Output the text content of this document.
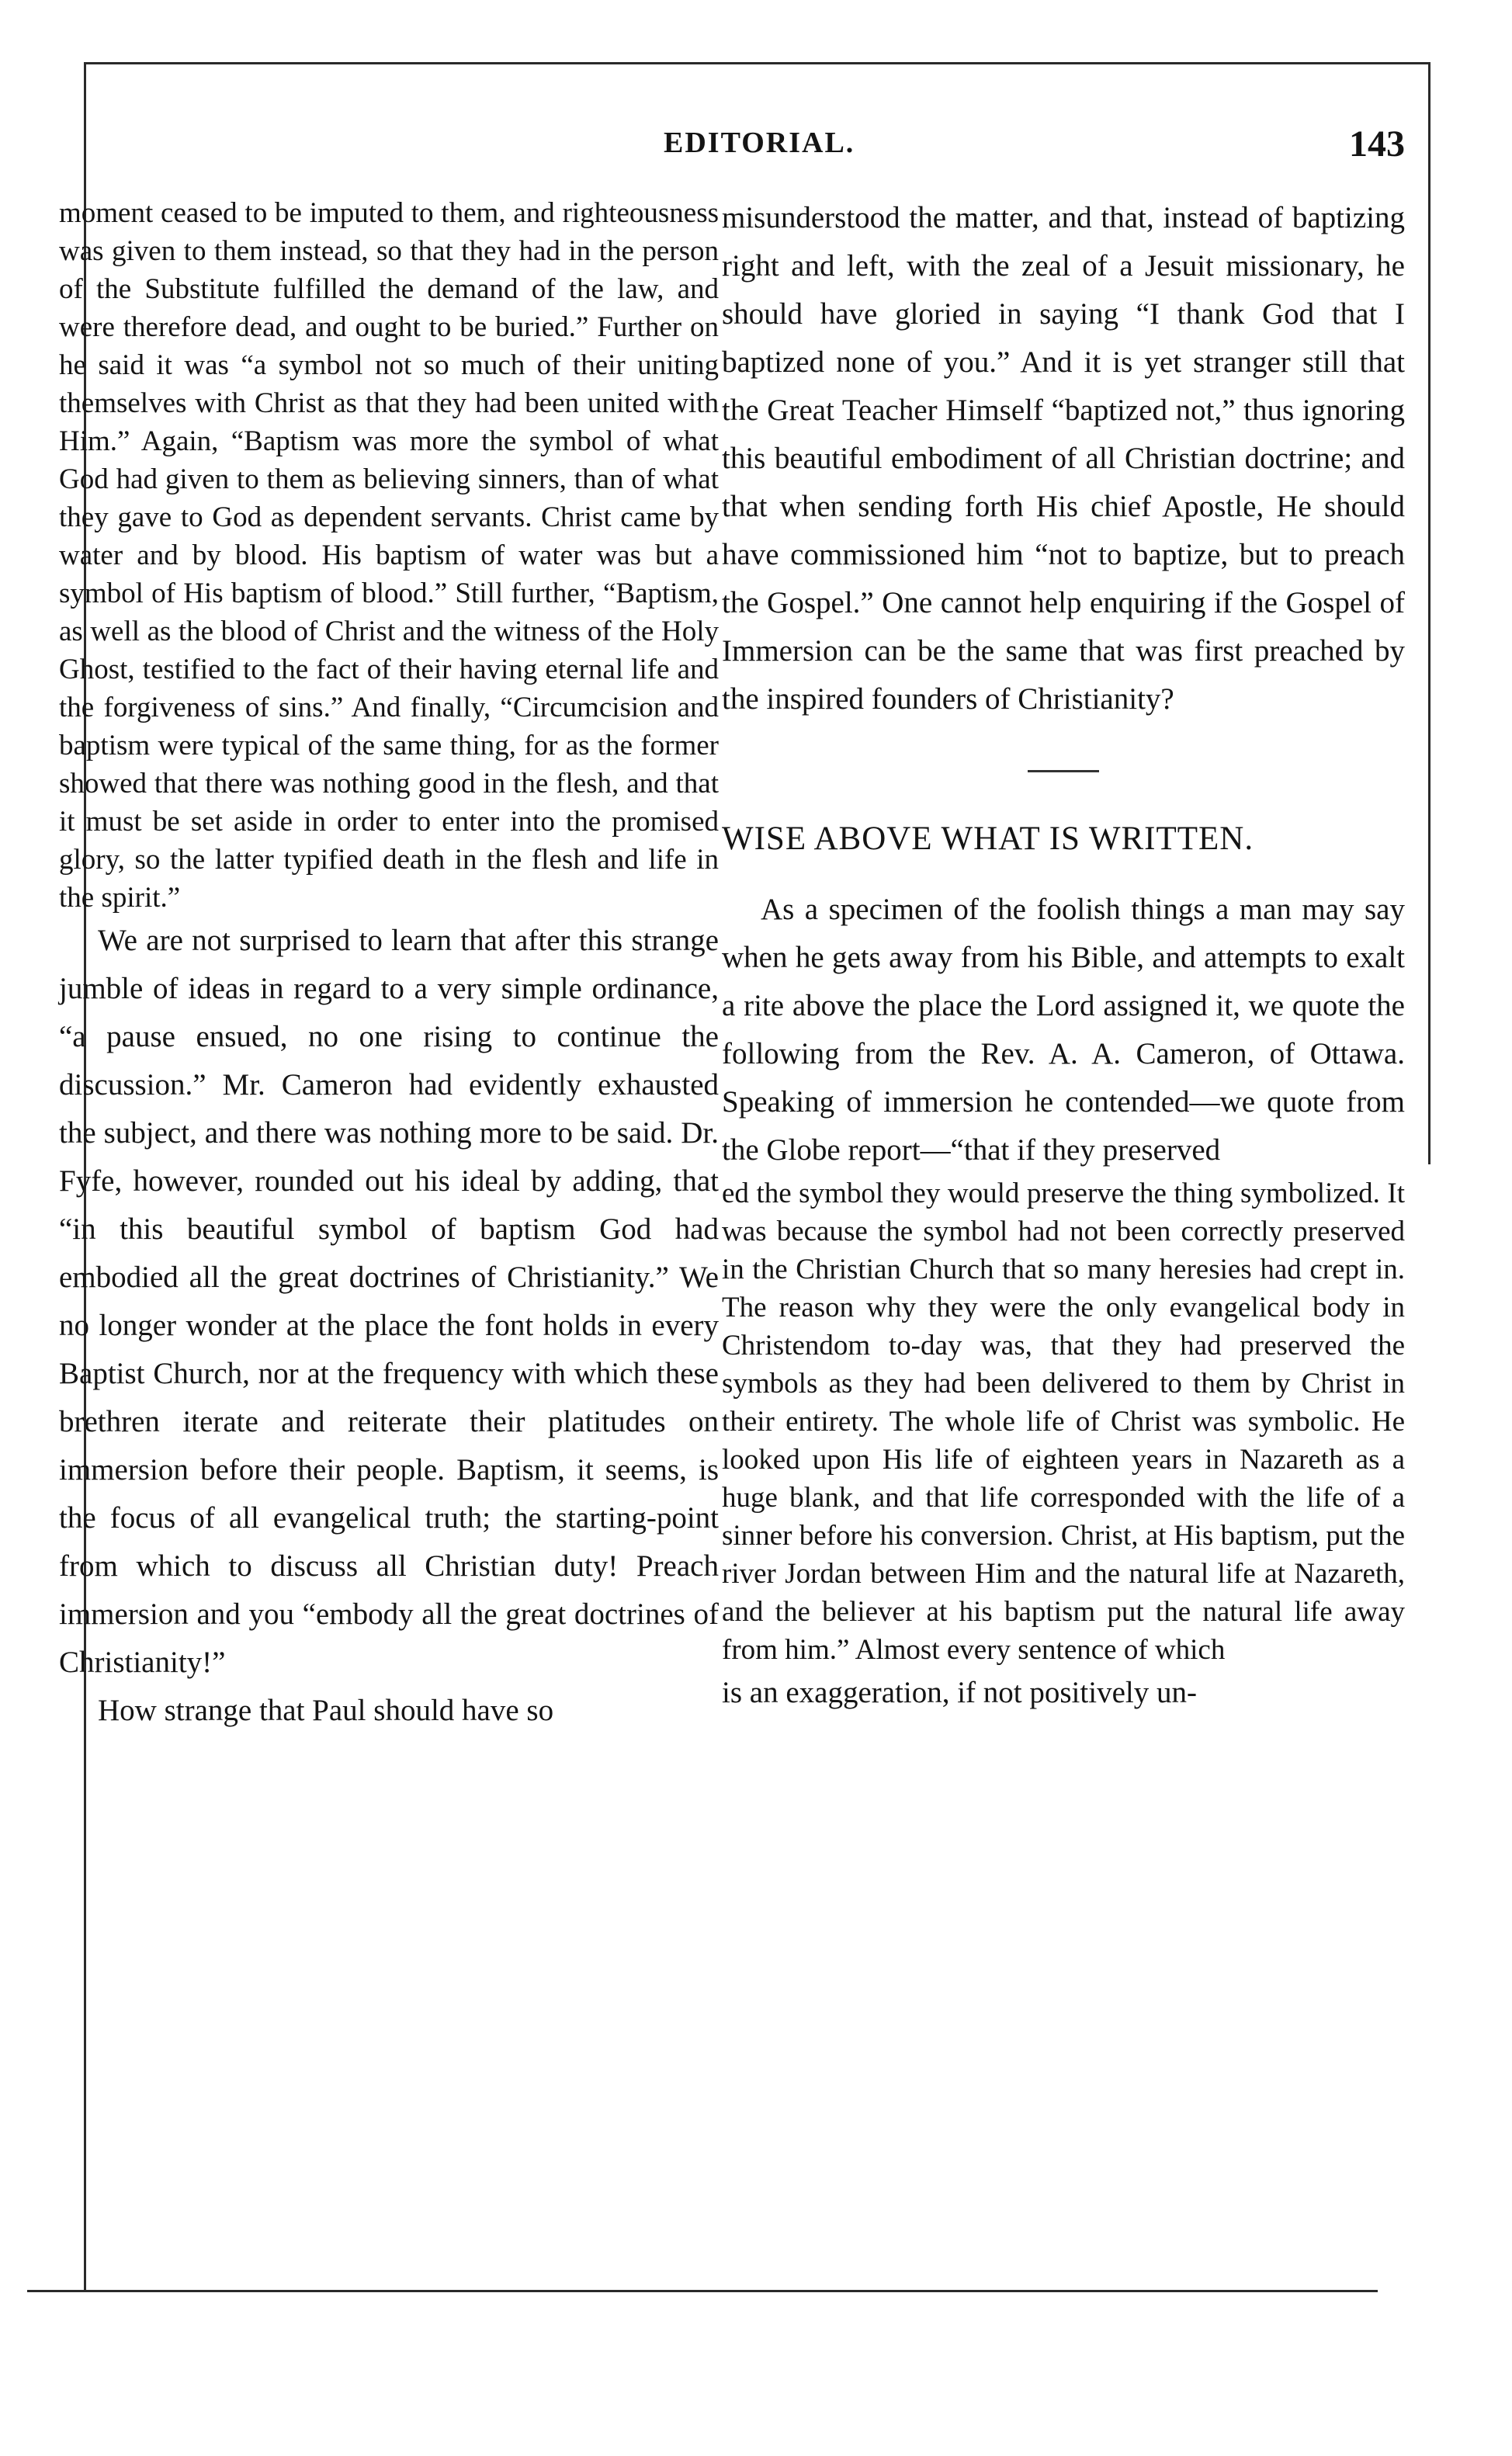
EDITORIAL.	143

moment ceased to be imputed to them, and righteousness was given to them instead, so that they had in the person of the Substitute fulfilled the demand of the law, and were therefore dead, and ought to be buried.” Further on he said it was “a symbol not so much of their uniting themselves with Christ as that they had been united with Him.” Again, “Baptism was more the symbol of what God had given to them as believing sinners, than of what they gave to God as dependent servants. Christ came by water and by blood. His baptism of water was but a symbol of His baptism of blood.” Still further, “Baptism, as well as the blood of Christ and the witness of the Holy Ghost, testified to the fact of their having eternal life and the forgiveness of sins.” And finally, “Circumcision and baptism were typical of the same thing, for as the former showed that there was nothing good in the flesh, and that it must be set aside in order to enter into the promised glory, so the latter typified death in the flesh and life in the spirit.”

We are not surprised to learn that after this strange jumble of ideas in regard to a very simple ordinance, “a pause ensued, no one rising to continue the discussion.” Mr. Cameron had evidently exhausted the subject, and there was nothing more to be said. Dr. Fyfe, however, rounded out his ideal by adding, that “in this beautiful symbol of baptism God had embodied all the great doctrines of Christianity.” We no longer wonder at the place the font holds in every Baptist Church, nor at the frequency with which these brethren iterate and reiterate their platitudes on immersion before their people. Baptism, it seems, is the focus of all evangelical truth; the starting-point from which to discuss all Christian duty! Preach immersion and you “embody all the great doctrines of Christianity!”

How strange that Paul should have so

misunderstood the matter, and that, instead of baptizing right and left, with the zeal of a Jesuit missionary, he should have gloried in saying “I thank God that I baptized none of you.” And it is yet stranger still that the Great Teacher Himself “baptized not,” thus ignoring this beautiful embodiment of all Christian doctrine; and that when sending forth His chief Apostle, He should have commissioned him “not to baptize, but to preach the Gospel.” One cannot help enquiring if the Gospel of Immersion can be the same that was first preached by the inspired founders of Christianity?

WISE ABOVE WHAT IS WRITTEN.

As a specimen of the foolish things a man may say when he gets away from his Bible, and attempts to exalt a rite above the place the Lord assigned it, we quote the following from the Rev. A. A. Cameron, of Ottawa. Speaking of immersion he contended—we quote from the Globe report—“that if they preserved

ed the symbol they would preserve the thing symbolized. It was because the symbol had not been correctly preserved in the Christian Church that so many heresies had crept in. The reason why they were the only evangelical body in Christendom to-day was, that they had preserved the symbols as they had been delivered to them by Christ in their entirety. The whole life of Christ was symbolic. He looked upon His life of eighteen years in Nazareth as a huge blank, and that life corresponded with the life of a sinner before his conversion. Christ, at His baptism, put the river Jordan between Him and the natural life at Nazareth, and the believer at his baptism put the natural life away from him.” Almost every sentence of which

is an exaggeration, if not positively un-
